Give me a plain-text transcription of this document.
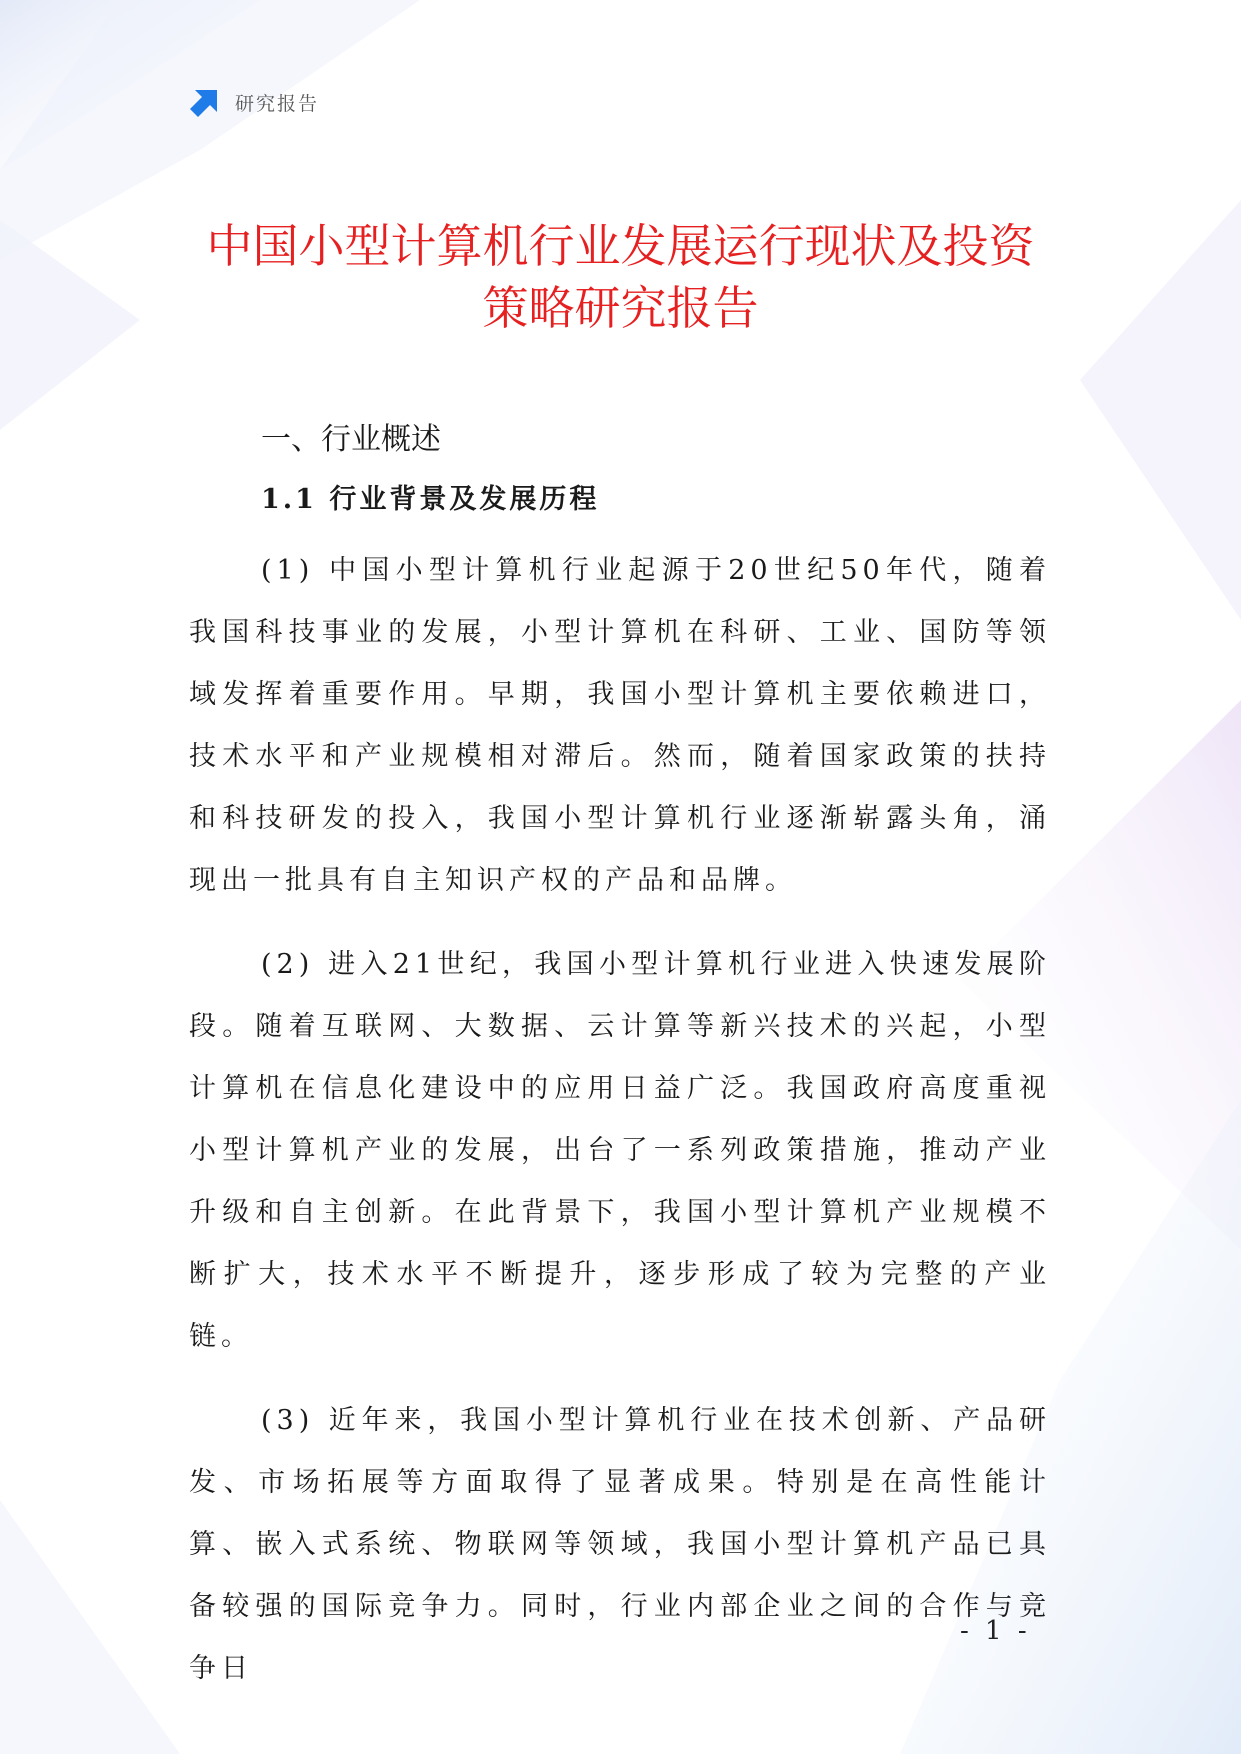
研究报告
中国小型计算机行业发展运行现状及投资
策略研究报告
一、行业概述
1.1 行业背景及发展历程

(1) 中国小型计算机行业起源于20世纪50年代，随着我国科技事业的发展，小型计算机在科研、工业、国防等领域发挥着重要作用。早期，我国小型计算机主要依赖进口，技术水平和产业规模相对滞后。然而，随着国家政策的扶持和科技研发的投入，我国小型计算机行业逐渐崭露头角，涌现出一批具有自主知识产权的产品和品牌。

(2) 进入21世纪，我国小型计算机行业进入快速发展阶段。随着互联网、大数据、云计算等新兴技术的兴起，小型计算机在信息化建设中的应用日益广泛。我国政府高度重视小型计算机产业的发展，出台了一系列政策措施，推动产业升级和自主创新。在此背景下，我国小型计算机产业规模不断扩大，技术水平不断提升，逐步形成了较为完整的产业链。

(3) 近年来，我国小型计算机行业在技术创新、产品研发、市场拓展等方面取得了显著成果。特别是在高性能计算、嵌入式系统、物联网等领域，我国小型计算机产品已具备较强的国际竞争力。同时，行业内部企业之间的合作与竞争日

- 1 -
